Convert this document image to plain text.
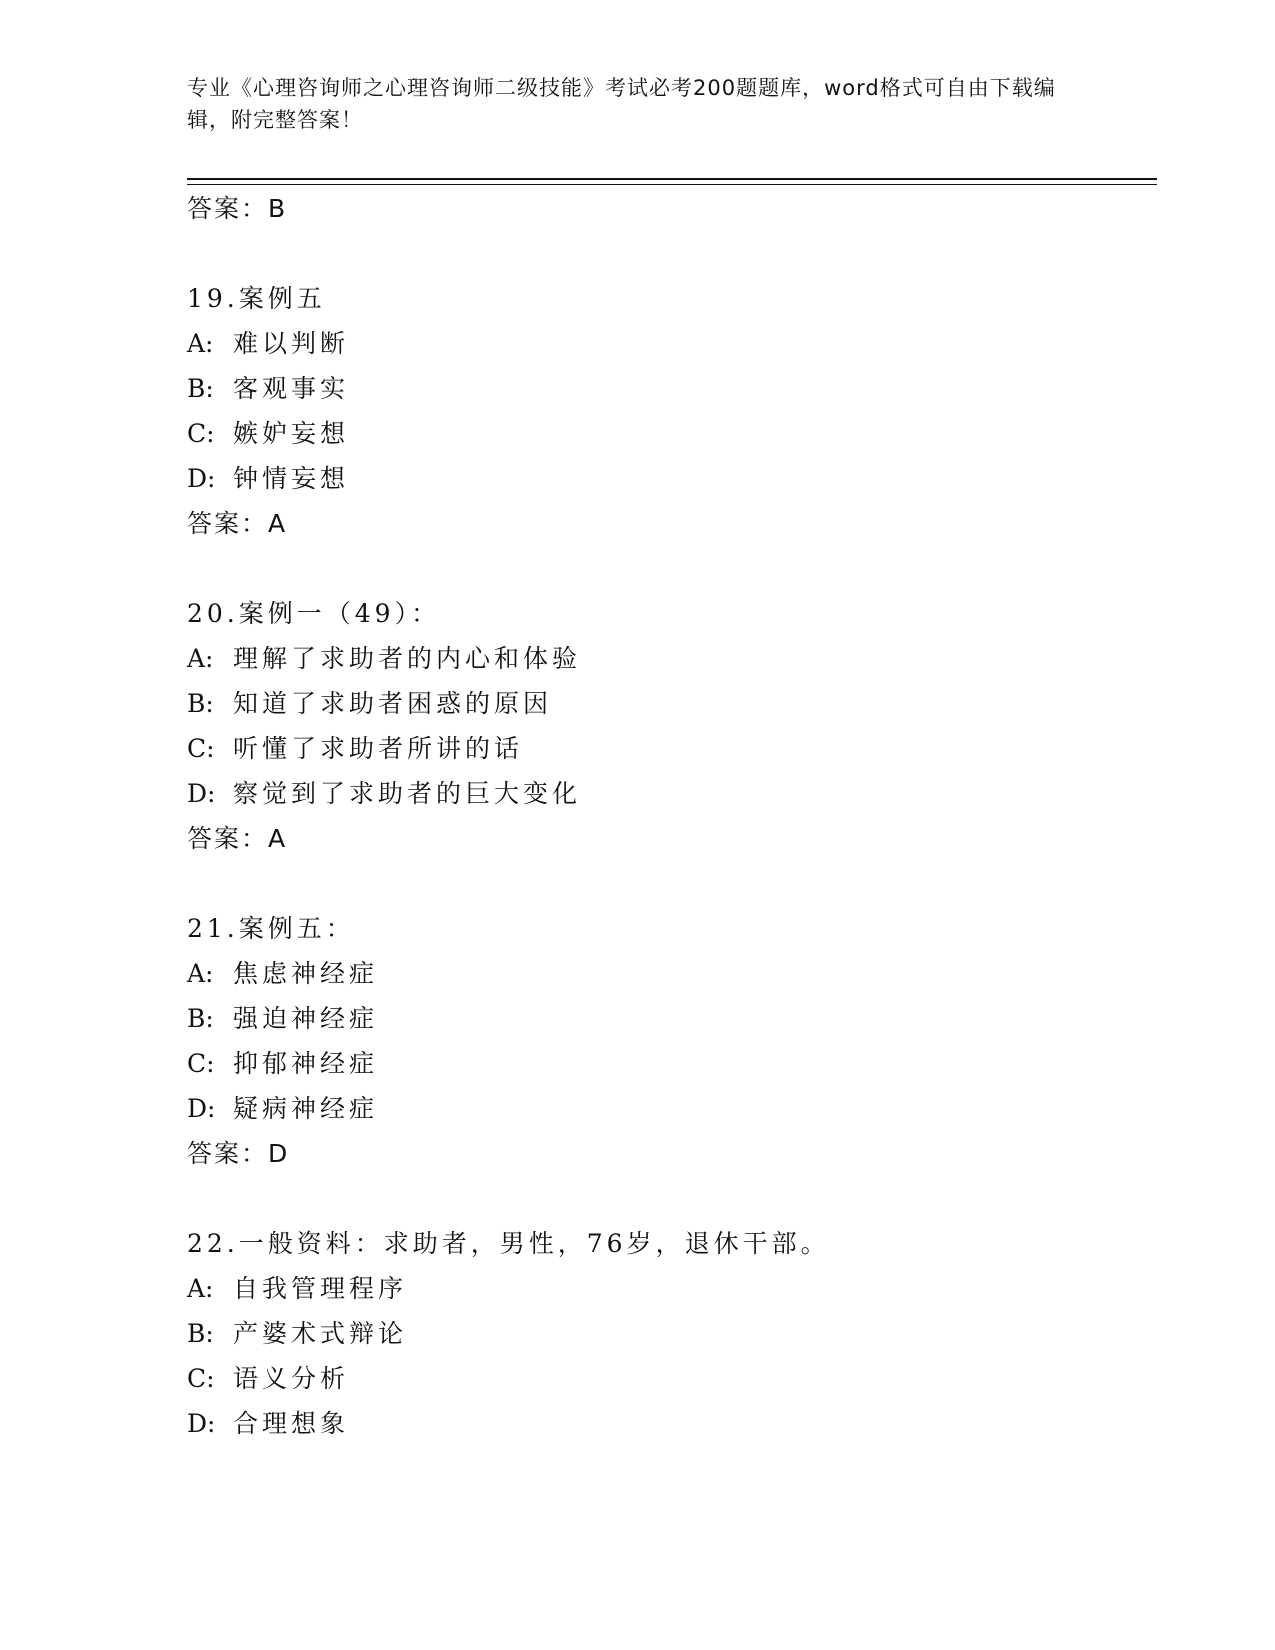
专业《心理咨询师之心理咨询师二级技能》考试必考200题题库，word格式可自由下载编辑，附完整答案！
答案：B
19.案例五
A: 难以判断
B: 客观事实
C: 嫉妒妄想
D: 钟情妄想
答案：A
20.案例一（49）：
A: 理解了求助者的内心和体验
B: 知道了求助者困惑的原因
C: 听懂了求助者所讲的话
D: 察觉到了求助者的巨大变化
答案：A
21.案例五：
A: 焦虑神经症
B: 强迫神经症
C: 抑郁神经症
D: 疑病神经症
答案：D
22.一般资料：求助者，男性，76岁，退休干部。
A: 自我管理程序
B: 产婆术式辩论
C: 语义分析
D: 合理想象
